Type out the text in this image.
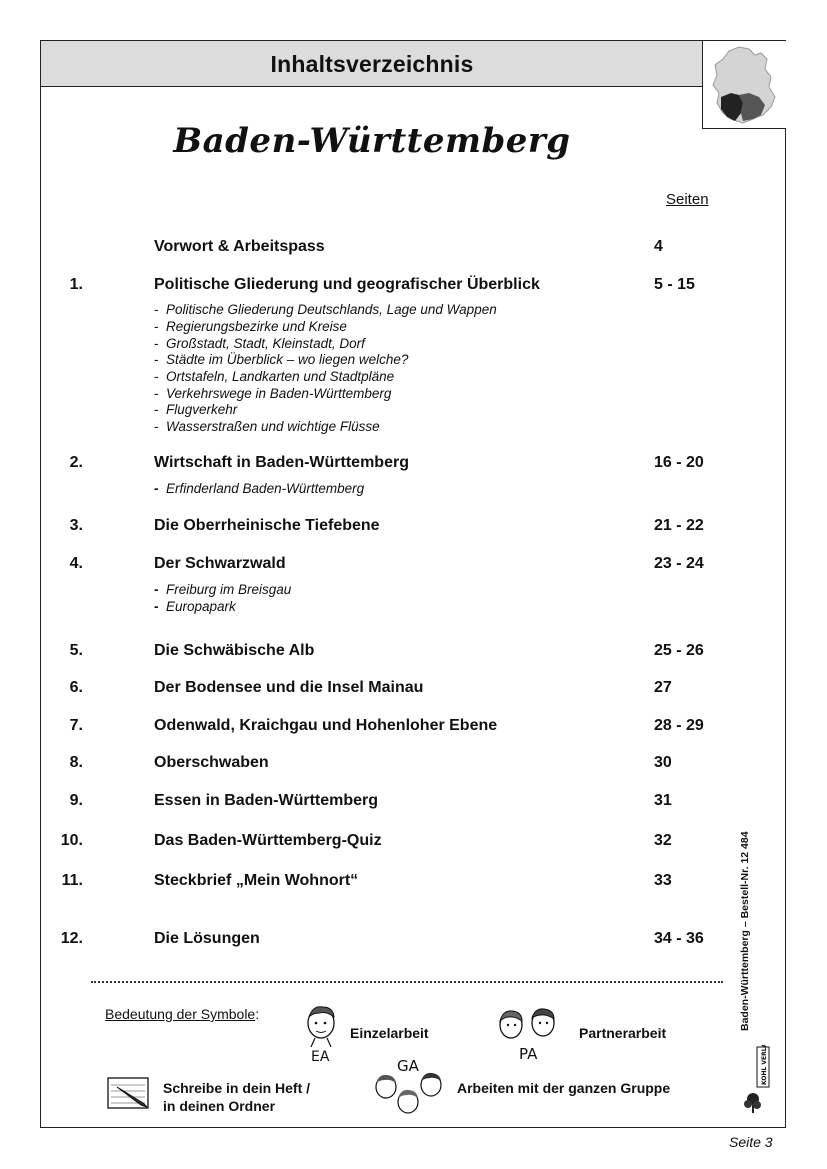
Inhaltsverzeichnis
Baden-Württemberg
Seiten
Vorwort & Arbeitspass	4
1.	Politische Gliederung und geografischer Überblick	5 - 15
- Politische Gliederung Deutschlands, Lage und Wappen
- Regierungsbezirke und Kreise
- Großstadt, Stadt, Kleinstadt, Dorf
- Städte im Überblick – wo liegen welche?
- Ortstafeln, Landkarten und Stadtpläne
- Verkehrswege in Baden-Württemberg
- Flugverkehr
- Wasserstraßen und wichtige Flüsse
2.	Wirtschaft in Baden-Württemberg	16 - 20
- Erfinderland Baden-Württemberg
3.	Die Oberrheinische Tiefebene	21 - 22
4.	Der Schwarzwald	23 - 24
- Freiburg im Breisgau
- Europapark
5.	Die Schwäbische Alb	25 - 26
6.	Der Bodensee und die Insel Mainau	27
7.	Odenwald, Kraichgau und Hohenloher Ebene	28 - 29
8.	Oberschwaben	30
9.	Essen in Baden-Württemberg	31
10.	Das Baden-Württemberg-Quiz	32
11.	Steckbrief „Mein Wohnort“	33
12.	Die Lösungen	34 - 36
Bedeutung der Symbole:
EA
Einzelarbeit
PA
Partnerarbeit
Schreibe in dein Heft /
in deinen Ordner
GA
Arbeiten mit der ganzen Gruppe
Baden-Württemberg – Bestell-Nr. 12 484
KOHL VERLAG
Seite 3
